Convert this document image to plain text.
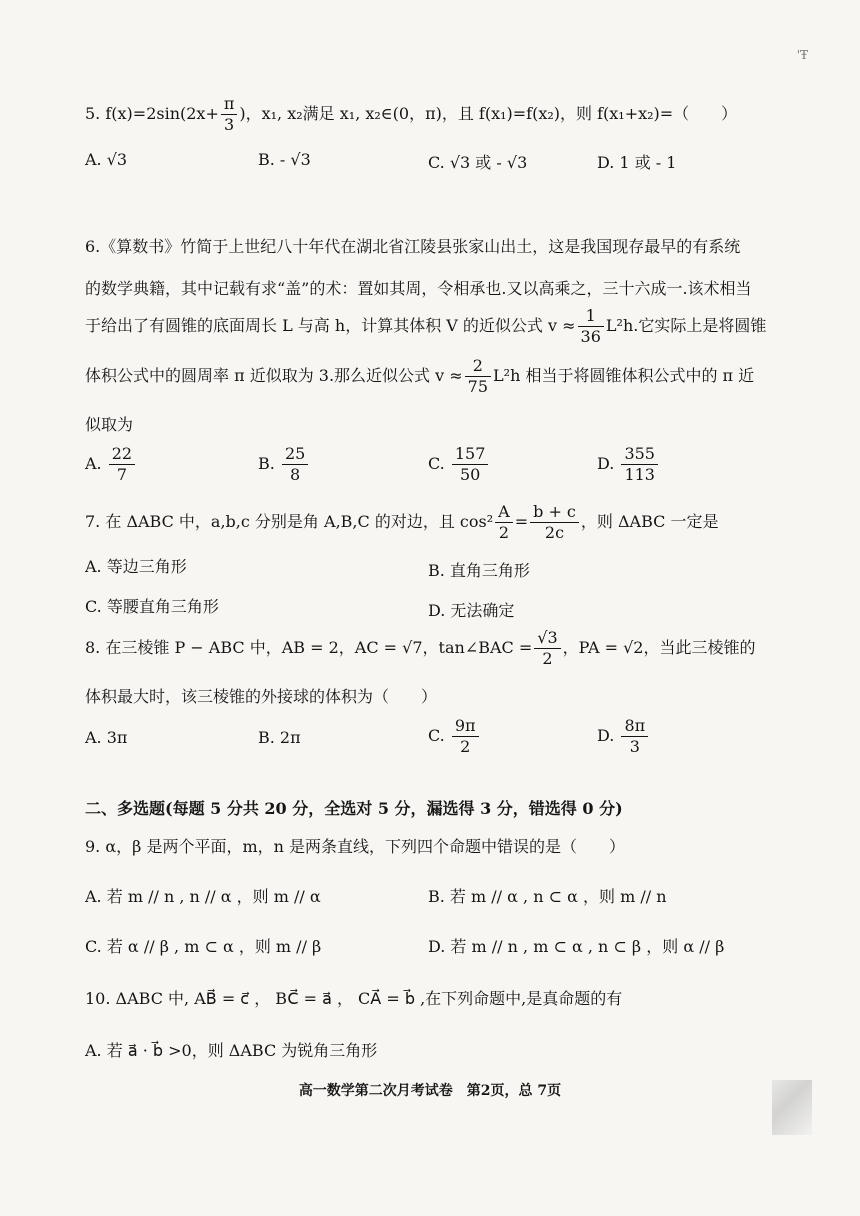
'Ŧ
5. $f(x)=2\sin(2x+ \frac{\pi}{3}$ )，x₁, x₂满足 x₁, x₂∈(0，π)，且 f(x₁)=f(x₂)，则 f(x₁+x₂)=（　　）
A. √3	B. - √3	C. √3 或 - √3	D. 1 或 - 1
6.《算数书》竹简于上世纪八十年代在湖北省江陵县张家山出土，这是我国现存最早的有系统
的数学典籍，其中记载有求“盖”的术：置如其周，令相承也.又以高乘之，三十六成一.该术相当
于给出了有圆锥的底面周长 L 与高 h，计算其体积 V 的近似公式 $v \approx \frac{1}{36} L^2h$.它实际上是将圆锥
体积公式中的圆周率 π 近似取为 3.那么近似公式 $v \approx \frac{2}{75} L^2h$ 相当于将圆锥体积公式中的 π 近
似取为
A. $\frac{22}{7}$	B. $\frac{25}{8}$	C. $\frac{157}{50}$	D. $\frac{355}{113}$
7. 在 ΔABC 中，a,b,c 分别是角 A,B,C 的对边，且 $\cos^2 \frac{A}{2} = \frac{b + c}{2c}$ ，则 ΔABC 一定是
A. 等边三角形	B. 直角三角形
C. 等腰直角三角形	D. 无法确定
8. 在三棱锥 P − ABC 中，AB = 2，AC = √7，tan∠BAC = $\frac{√3}{2}$ ，PA = √2，当此三棱锥的
体积最大时，该三棱锥的外接球的体积为（　　）
A. 3π	B. 2π	C. $\frac{9\pi}{2}$	D. $\frac{8\pi}{3}$
二、多选题(每题 5 分共 20 分，全选对 5 分，漏选得 3 分，错选得 0 分)
9. α，β 是两个平面，m，n 是两条直线，下列四个命题中错误的是（　　）
A. 若 m // n , n // α ，则 m // α	B. 若 m // α , n ⊂ α ，则 m // n
C. 若 α // β , m ⊂ α ，则 m // β	D. 若 m // n , m ⊂ α , n ⊂ β ，则 α // β
10. ΔABC 中, AB⃗ = c⃗ ， BC⃗ = a⃗ ， CA⃗ = b⃗ ,在下列命题中,是真命题的有
A. 若 a⃗ · b⃗ >0，则 ΔABC 为锐角三角形
高一数学第二次月考试卷　第2页，总 7页
